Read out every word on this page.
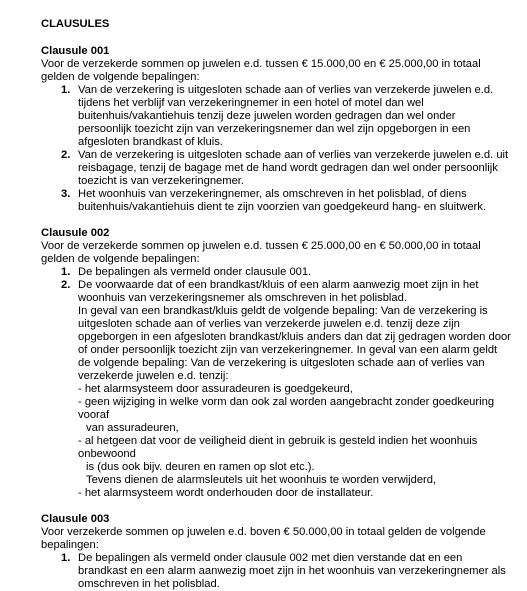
CLAUSULES
Clausule 001
Voor de verzekerde sommen op juwelen e.d. tussen € 15.000,00 en € 25.000,00 in totaal gelden de volgende bepalingen:
1. Van de verzekering is uitgesloten schade aan of verlies van verzekerde juwelen e.d. tijdens het verblijf van verzekeringnemer in een hotel of motel dan wel buitenhuis/vakantiehuis tenzij deze juwelen worden gedragen dan wel onder persoonlijk toezicht zijn van verzekeringsnemer dan wel zijn opgeborgen in een afgesloten brandkast of kluis.
2. Van de verzekering is uitgesloten schade aan of verlies van verzekerde juwelen e.d. uit reisbagage, tenzij de bagage met de hand wordt gedragen dan wel onder persoonlijk toezicht is van verzekeringnemer.
3. Het woonhuis van verzekeringnemer, als omschreven in het polisblad, of diens buitenhuis/vakantiehuis dient te zijn voorzien van goedgekeurd hang- en sluitwerk.
Clausule 002
Voor de verzekerde sommen op juwelen e.d. tussen € 25.000,00 en € 50.000,00 in totaal gelden de volgende bepalingen:
1. De bepalingen als vermeld onder clausule 001.
2. De voorwaarde dat of een brandkast/kluis of een alarm aanwezig moet zijn in het woonhuis van verzekeringsnemer als omschreven in het polisblad.
In geval van een brandkast/kluis geldt de volgende bepaling: Van de verzekering is uitgesloten schade aan of verlies van verzekerde juwelen e.d. tenzij deze zijn opgeborgen in een afgesloten brandkast/kluis anders dan dat zij gedragen worden door of onder persoonlijk toezicht zijn van verzekeringnemer. In geval van een alarm geldt de volgende bepaling: Van de verzekering is uitgesloten schade aan of verlies van verzekerde juwelen e.d. tenzij:
- het alarmsysteem door assuradeuren is goedgekeurd,
- geen wijziging in welke vorm dan ook zal worden aangebracht zonder goedkeuring vooraf
van assuradeuren,
- al hetgeen dat voor de veiligheid dient in gebruik is gesteld indien het woonhuis onbewoond
is (dus ook bijv. deuren en ramen op slot etc.).
Tevens dienen de alarmsleutels uit het woonhuis te worden verwijderd,
- het alarmsysteem wordt onderhouden door de installateur.
Clausule 003
Voor verzekerde sommen op juwelen e.d. boven € 50.000,00 in totaal gelden de volgende bepalingen:
1. De bepalingen als vermeld onder clausule 002 met dien verstande dat en een brandkast en een alarm aanwezig moet zijn in het woonhuis van verzekeringnemer als omschreven in het polisblad.
